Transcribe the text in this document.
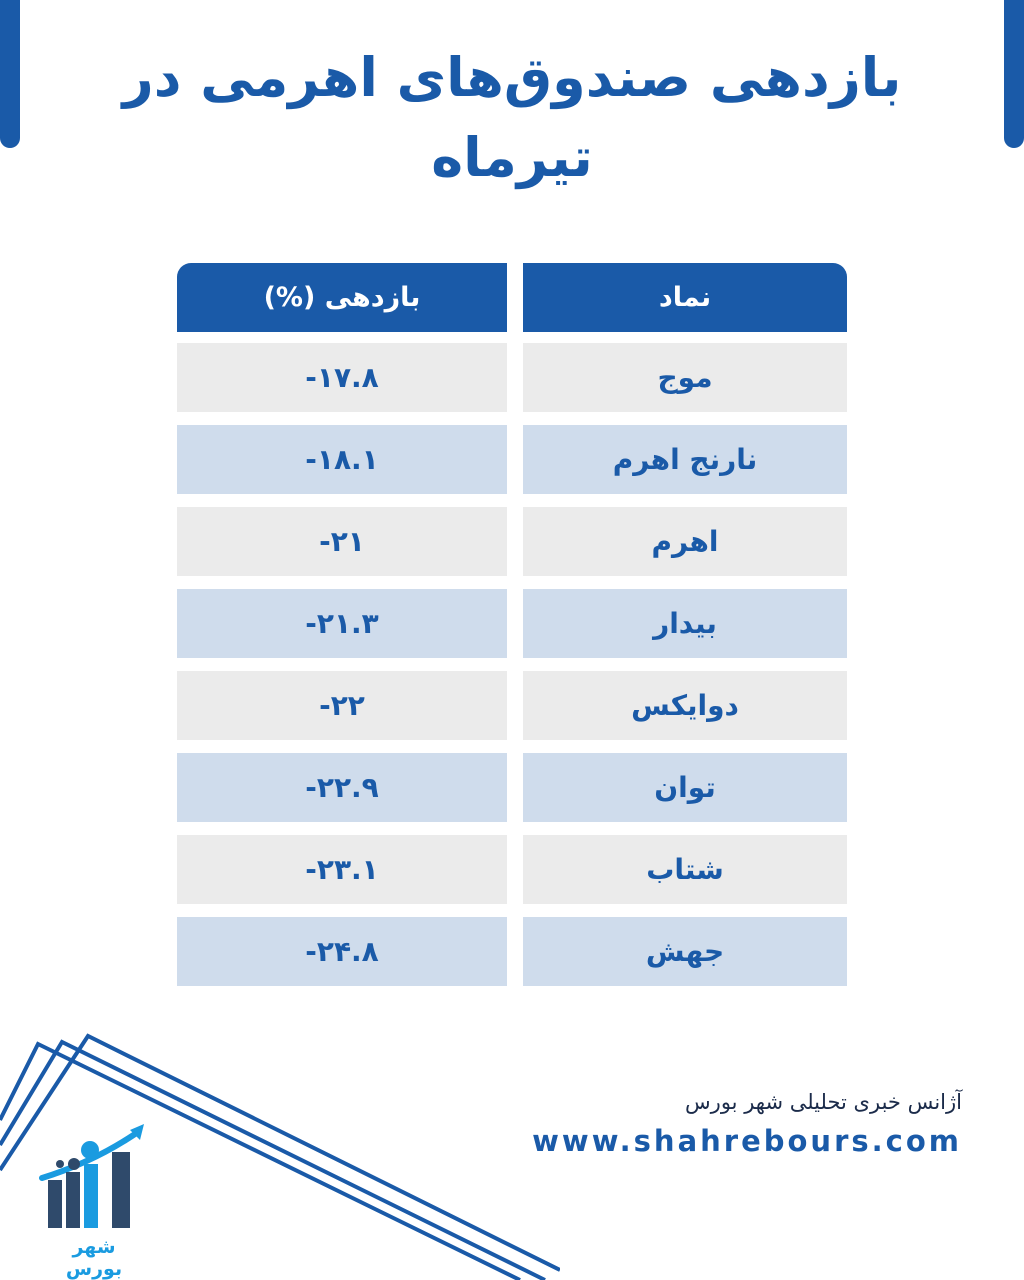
بازدهی صندوق‌های اهرمی در تیرماه
نماد
بازدهی (%)
موج
-۱۷.۸
نارنج اهرم
-۱۸.۱
اهرم
-۲۱
بیدار
-۲۱.۳
دوایکس
-۲۲
توان
-۲۲.۹
شتاب
-۲۳.۱
جهش
-۲۴.۸
شهر بورس
آژانس خبری تحلیلی شهر بورس
www.shahrebours.com
